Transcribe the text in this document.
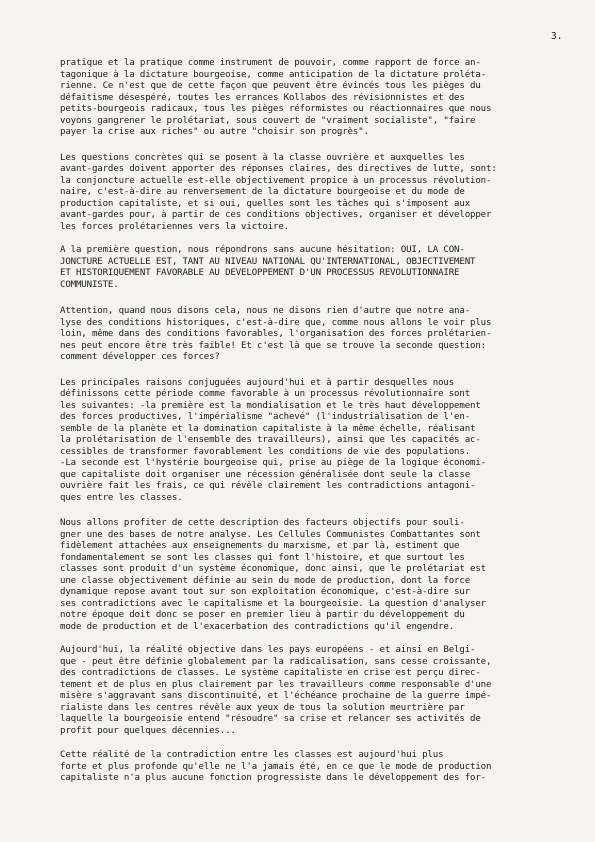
3.

pratique et la pratique comme instrument de pouvoir, comme rapport de force an-
tagonique à la dictature bourgeoise, comme anticipation de la dictature prolétа-
rienne. Ce n'est que de cette façon que peuvent être évincés tous les pièges du
défaitisme désespéré, toutes les errances Kollabos des révisionnistes et des
petits-bourgeois radicaux, tous les pièges réformistes ou réactionnaires que nous
voyons gangrener le prolétariat, sous couvert de "vraiment socialiste", "faire
payer la crise aux riches" ou autre "choisir son progrès".

Les questions concrètes qui se posent à la classe ouvrière et auxquelles les
avant-gardes doivent apporter des réponses claires, des directives de lutte, sont:
la conjoncture actuelle est-elle objectivement propice à un processus révolution-
naire, c'est-à-dire au renversement de la dictature bourgeoise et du mode de
production capitaliste, et si oui, quelles sont les tâches qui s'imposent aux
avant-gardes pour, à partir de ces conditions objectives, organiser et développer
les forces prolétariennes vers la victoire.

A la première question, nous répondrons sans aucune hésitation: OUI, LA CON-
JONCTURE ACTUELLE EST, TANT AU NIVEAU NATIONAL QU'INTERNATIONAL, OBJECTIVEMENT
ET HISTORIQUEMENT FAVORABLE AU DEVELOPPEMENT D'UN PROCESSUS REVOLUTIONNAIRE
COMMUNISTE.

Attention, quand nous disons cela, nous ne disons rien d'autre que notre ana-
lyse des conditions historiques, c'est-à-dire que, comme nous allons le voir plus
loin, même dans des conditions favorables, l'organisation des forces prolétarien-
nes peut encore être très faible! Et c'est là que se trouve la seconde question:
comment développer ces forces?

Les principales raisons conjuguées aujourd'hui et à partir desquelles nous
définissons cette période comme favorable à un processus révolutionnaire sont
les suivantes: -la première est la mondialisation et le très haut développement
des forces productives, l'impérialisme "achevé" (l'industrialisation de l'en-
semble de la planète et la domination capitaliste à la même échelle, réalisant
la prolétarisation de l'ensemble des travailleurs), ainsi que les capacités ac-
cessibles de transformer favorablement les conditions de vie des populations.
-La seconde est l'hystérie bourgeoise qui, prise au piège de la logique économi-
que capitaliste doit organiser une récession généralisée dont seule la classe
ouvrière fait les frais, ce qui révèle clairement les contradictions antagoni-
ques entre les classes.

Nous allons profiter de cette description des facteurs objectifs pour souli-
gner une des bases de notre analyse. Les Cellules Communistes Combattantes sont
fidèlement attachées aux enseignements du marxisme, et par là, estiment que
fondamentalement se sont les classes qui font l'histoire, et que surtout les
classes sont produit d'un système économique, donc ainsi, que le prolétariat est
une classe objectivement définie au sein du mode de production, dont la force
dynamique repose avant tout sur son exploitation économique, c'est-à-dire sur
ses contradictions avec le capitalisme et la bourgeoisie. La question d'analyser
notre époque doit donc se poser en premier lieu à partir du développement du
mode de production et de l'exacerbation des contradictions qu'il engendre.

Aujourd'hui, la réalité objective dans les pays européens - et ainsi en Belgi-
que - peut être définie globalement par la radicalisation, sans cesse croissante,
des contradictions de classes. Le système capitaliste en crise est perçu direc-
tement et de plus en plus clairement par les travailleurs comme responsable d'une
misère s'aggravant sans discontinuité, et l'échéance prochaine de la guerre impé-
rialiste dans les centres révèle aux yeux de tous la solution meurtrière par
laquelle la bourgeoisie entend "résoudre" sa crise et relancer ses activités de
profit pour quelques décennies...

Cette réalité de la contradiction entre les classes est aujourd'hui plus
forte et plus profonde qu'elle ne l'a jamais été, en ce que le mode de production
capitaliste n'a plus aucune fonction progressiste dans le développement des for-
